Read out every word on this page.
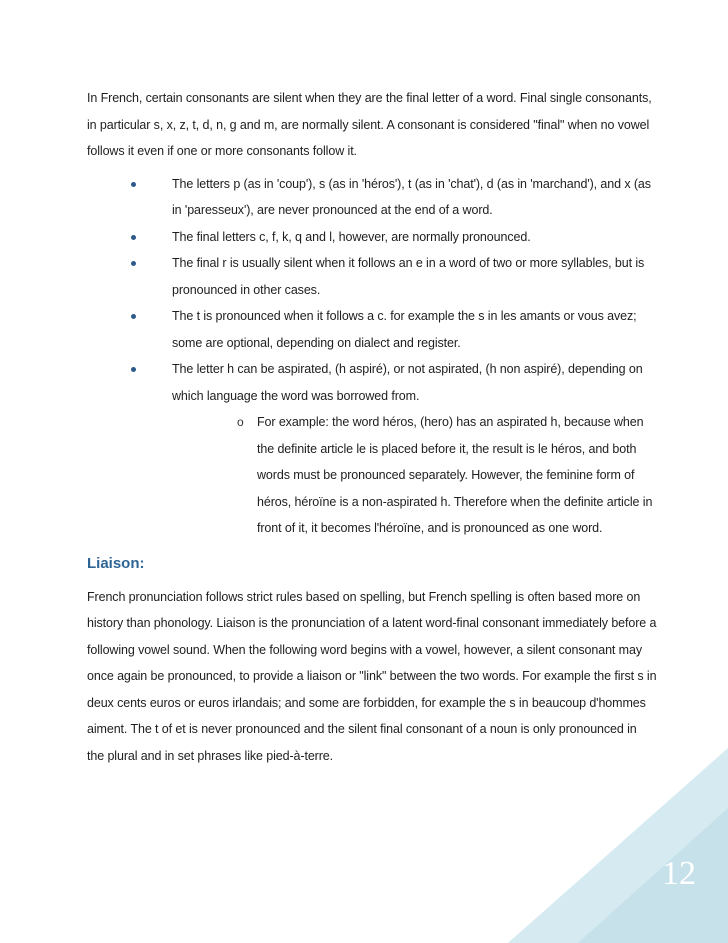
In French, certain consonants are silent when they are the final letter of a word. Final single consonants, in particular s, x, z, t, d, n, g and m, are normally silent. A consonant is considered "final" when no vowel follows it even if one or more consonants follow it.

The letters p (as in 'coup'), s (as in 'héros'), t (as in 'chat'), d (as in 'marchand'), and x (as in 'paresseux'), are never pronounced at the end of a word.
The final letters c, f, k, q and l, however, are normally pronounced.
The final r is usually silent when it follows an e in a word of two or more syllables, but is pronounced in other cases.
The t is pronounced when it follows a c. for example the s in les amants or vous avez; some are optional, depending on dialect and register.
The letter h can be aspirated, (h aspiré), or not aspirated, (h non aspiré), depending on which language the word was borrowed from.
o For example: the word héros, (hero) has an aspirated h, because when the definite article le is placed before it, the result is le héros, and both words must be pronounced separately. However, the feminine form of héros, héroïne is a non-aspirated h. Therefore when the definite article in front of it, it becomes l'héroïne, and is pronounced as one word.
Liaison:

French pronunciation follows strict rules based on spelling, but French spelling is often based more on history than phonology. Liaison is the pronunciation of a latent word-final consonant immediately before a following vowel sound. When the following word begins with a vowel, however, a silent consonant may once again be pronounced, to provide a liaison or "link" between the two words. For example the first s in deux cents euros or euros irlandais; and some are forbidden, for example the s in beaucoup d'hommes aiment. The t of et is never pronounced and the silent final consonant of a noun is only pronounced in the plural and in set phrases like pied-à-terre.

12
